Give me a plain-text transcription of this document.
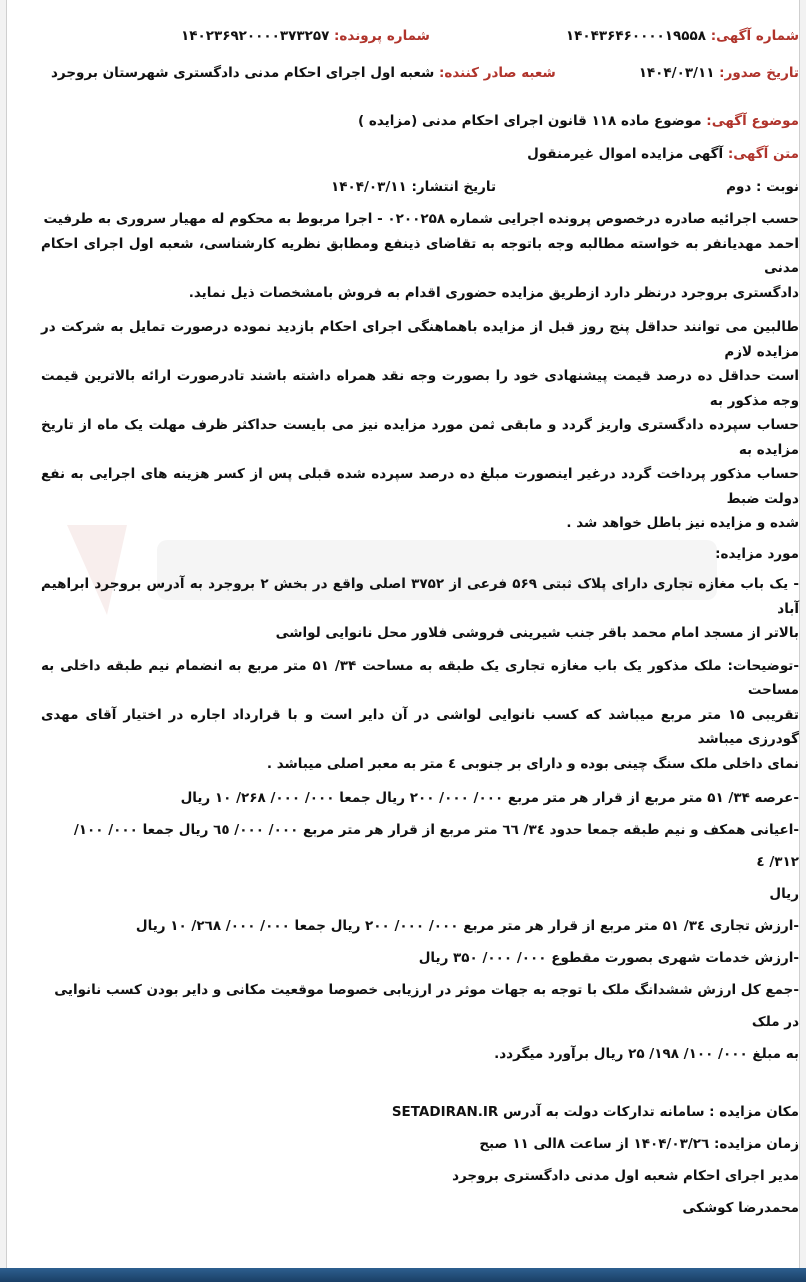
شماره آگهی: ۱۴۰۴۳۶۴۶۰۰۰۰۱۹۵۵۸
شماره پرونده: ۱۴۰۲۳۶۹۲۰۰۰۰۳۷۳۲۵۷
تاریخ صدور: ۱۴۰۴/۰۳/۱۱
شعبه صادر کننده: شعبه اول اجرای احکام مدنی دادگستری شهرستان بروجرد

موضوع آگهی: موضوع ماده ۱۱۸ قانون اجرای احکام مدنی (مزایده )

متن آگهی: آگهی مزایده اموال غیرمنقول

نوبت : دوم
تاریخ انتشار: ۱۴۰۴/۰۳/۱۱

حسب اجرائیه صادره درخصوص پرونده اجرایی شماره ۰۲۰۰۲۵۸ - اجرا مربوط به محکوم له مهیار سروری به طرفیت

احمد مهدیانفر به خواسته مطالبه وجه باتوجه به تقاضای ذینفع ومطابق نظریه کارشناسی، شعبه اول اجرای احکام مدنی

دادگستری بروجرد درنظر دارد ازطریق مزایده حضوری اقدام به فروش بامشخصات ذیل نماید.

طالبین می توانند حداقل پنج روز قبل از مزایده باهماهنگی اجرای احکام بازدید نموده درصورت تمایل به شرکت در مزایده لازم

است حداقل ده درصد قیمت پیشنهادی خود را بصورت وجه نقد همراه داشته باشند تادرصورت ارائه بالاترین قیمت وجه مذکور به

حساب سپرده دادگستری واریز گردد و مابقی ثمن مورد مزایده نیز می بایست حداکثر ظرف مهلت یک ماه از تاریخ مزایده به

حساب مذکور پرداخت گردد درغیر اینصورت مبلغ ده درصد سپرده شده قبلی پس از کسر هزینه های اجرایی به نفع دولت ضبط

شده و مزایده نیز باطل خواهد شد .

مورد مزایده:

- یک باب مغازه تجاری دارای پلاک ثبتی ۵۶۹ فرعی از ۳۷۵۲ اصلی واقع در بخش ۲ بروجرد به آدرس بروجرد ابراهیم آباد

بالاتر از مسجد امام محمد باقر جنب شیرینی فروشی فلاور محل نانوایی لواشی

-توضیحات: ملک مذکور یک باب مغازه تجاری یک طبقه به مساحت ۳۴/ ۵۱ متر مربع به انضمام نیم طبقه داخلی به مساحت

تقریبی ۱۵ متر مربع میباشد که کسب نانوایی لواشی در آن دایر است و با قرارداد اجاره در اختیار آقای مهدی گودرزی میباشد

نمای داخلی ملک سنگ چینی بوده و دارای بر جنوبی ٤ متر به معبر اصلی میباشد .

-عرصه ۳۴/ ۵۱ متر مربع از قرار هر متر مربع ۰۰۰/ ۰۰۰/ ۲۰۰ ریال جمعا ۰۰۰/ ۰۰۰/ ۲۶۸/ ۱۰ ریال

-اعیانی همکف و نیم طبقه جمعا حدود ۳٤/ ٦٦ متر مربع از قرار هر متر مربع ۰۰۰/ ۰۰۰/ ٦٥ ریال جمعا ۰۰۰/ ۱۰۰/ ۳۱۲/ ٤

ریال

-ارزش تجاری ۳٤/ ۵۱ متر مربع از قرار هر متر مربع ۰۰۰/ ۰۰۰/ ۲۰۰ ریال جمعا ۰۰۰/ ۰۰۰/ ۲٦۸/ ۱۰ ریال

-ارزش خدمات شهری بصورت مقطوع ۰۰۰/ ۰۰۰/ ۳۵۰ ریال

-جمع کل ارزش ششدانگ ملک با توجه به جهات موثر در ارزیابی خصوصا موقعیت مکانی و دایر بودن کسب نانوایی در ملک

به مبلغ ۰۰۰/ ۱۰۰/ ۱۹۸/ ۲۵ ریال برآورد میگردد.

مکان مزایده : سامانه تدارکات دولت به آدرس SETADIRAN.IR

زمان مزایده: ۱۴۰۴/۰۳/۲٦ از ساعت ۸الی ۱۱ صبح

مدیر اجرای احکام شعبه اول مدنی دادگستری بروجرد

محمدرضا کوشکی
